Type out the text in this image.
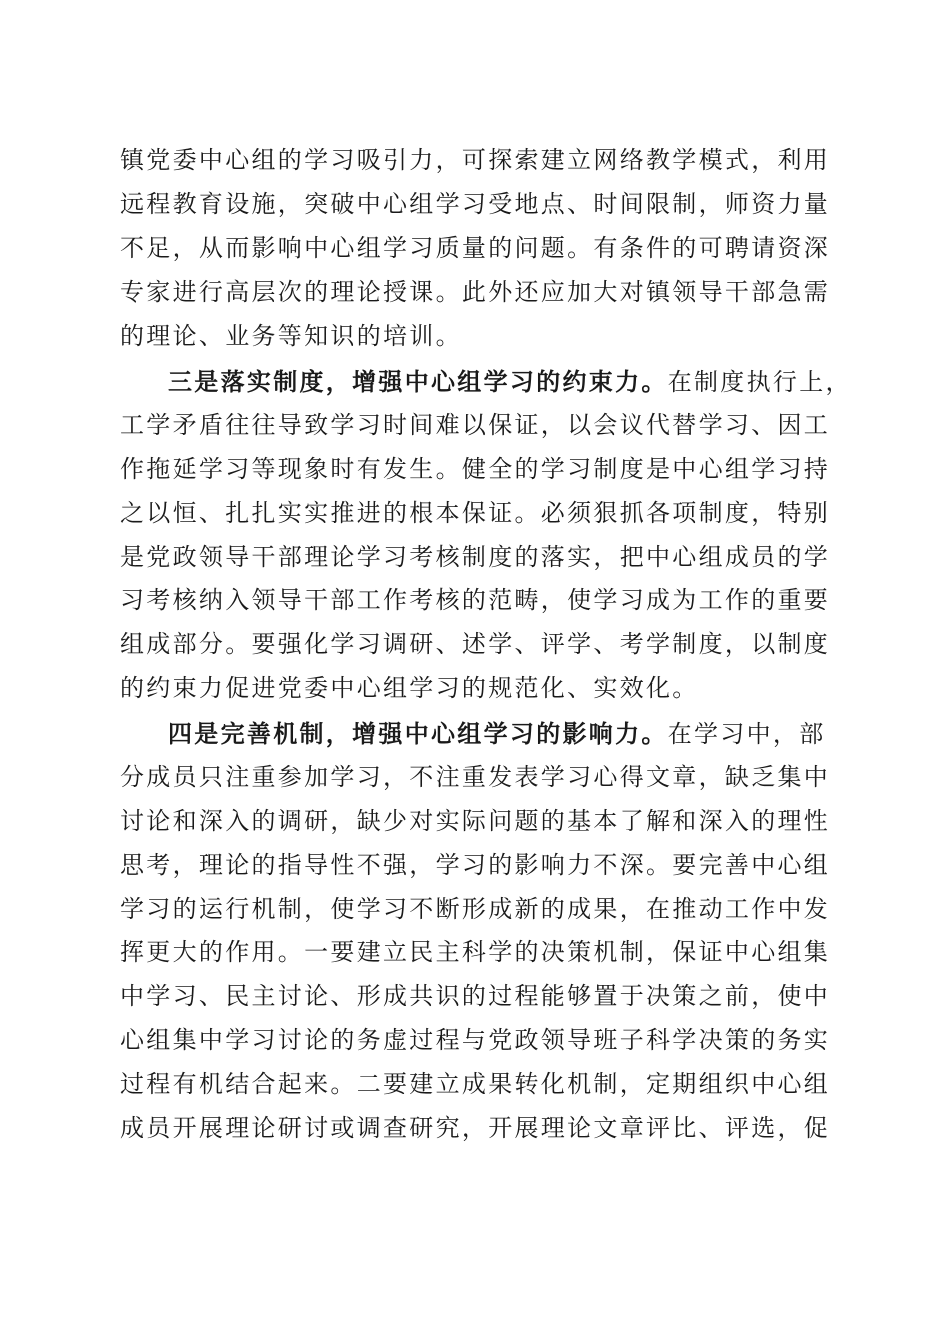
镇党委中心组的学习吸引力，可探索建立网络教学模式，利用
远程教育设施，突破中心组学习受地点、时间限制，师资力量
不足，从而影响中心组学习质量的问题。有条件的可聘请资深
专家进行高层次的理论授课。此外还应加大对镇领导干部急需
的理论、业务等知识的培训。
三是落实制度，增强中心组学习的约束力。在制度执行上，
工学矛盾往往导致学习时间难以保证，以会议代替学习、因工
作拖延学习等现象时有发生。健全的学习制度是中心组学习持
之以恒、扎扎实实推进的根本保证。必须狠抓各项制度，特别
是党政领导干部理论学习考核制度的落实，把中心组成员的学
习考核纳入领导干部工作考核的范畴，使学习成为工作的重要
组成部分。要强化学习调研、述学、评学、考学制度，以制度
的约束力促进党委中心组学习的规范化、实效化。
四是完善机制，增强中心组学习的影响力。在学习中，部
分成员只注重参加学习，不注重发表学习心得文章，缺乏集中
讨论和深入的调研，缺少对实际问题的基本了解和深入的理性
思考，理论的指导性不强，学习的影响力不深。要完善中心组
学习的运行机制，使学习不断形成新的成果，在推动工作中发
挥更大的作用。一要建立民主科学的决策机制，保证中心组集
中学习、民主讨论、形成共识的过程能够置于决策之前，使中
心组集中学习讨论的务虚过程与党政领导班子科学决策的务实
过程有机结合起来。二要建立成果转化机制，定期组织中心组
成员开展理论研讨或调查研究，开展理论文章评比、评选，促
